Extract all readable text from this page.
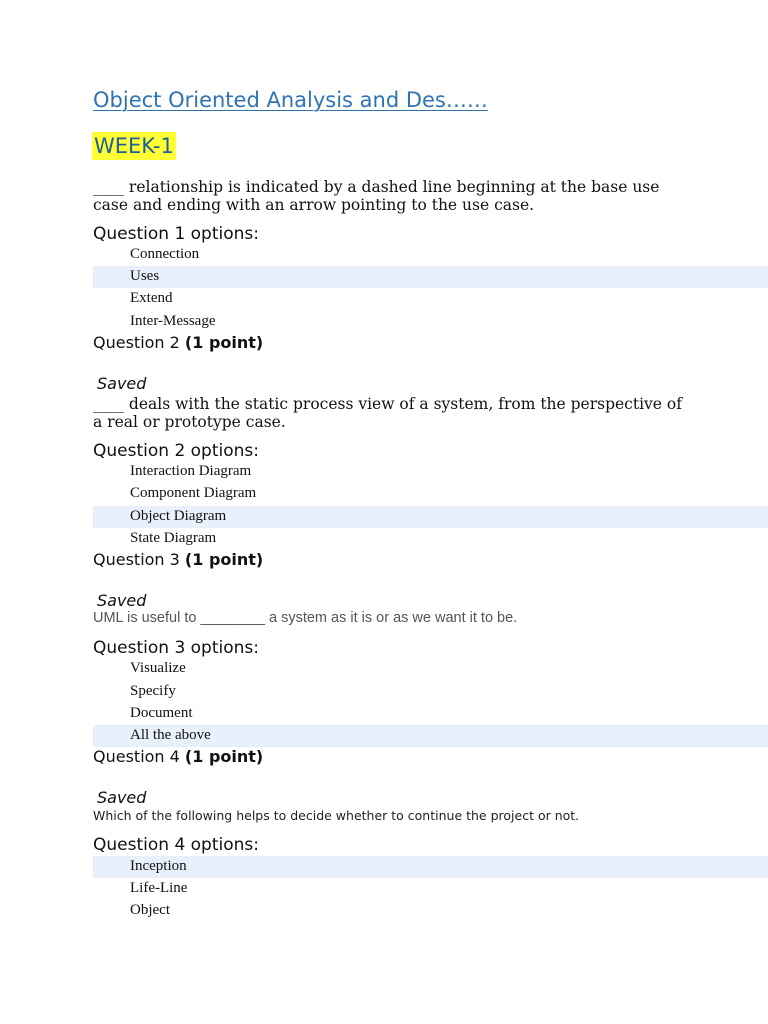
Object Oriented Analysis and Des……
WEEK-1
____ relationship is indicated by a dashed line beginning at the base use case and ending with an arrow pointing to the use case.
Question 1 options:
Connection
Uses
Extend
Inter-Message
Question 2 (1 point)
Saved
____ deals with the static process view of a system, from the perspective of a real or prototype case.
Question 2 options:
Interaction Diagram
Component Diagram
Object Diagram
State Diagram
Question 3 (1 point)
Saved
UML is useful to ________ a system as it is or as we want it to be.
Question 3 options:
Visualize
Specify
Document
All the above
Question 4 (1 point)
Saved
Which of the following helps to decide whether to continue the project or not.
Question 4 options:
Inception
Life-Line
Object
